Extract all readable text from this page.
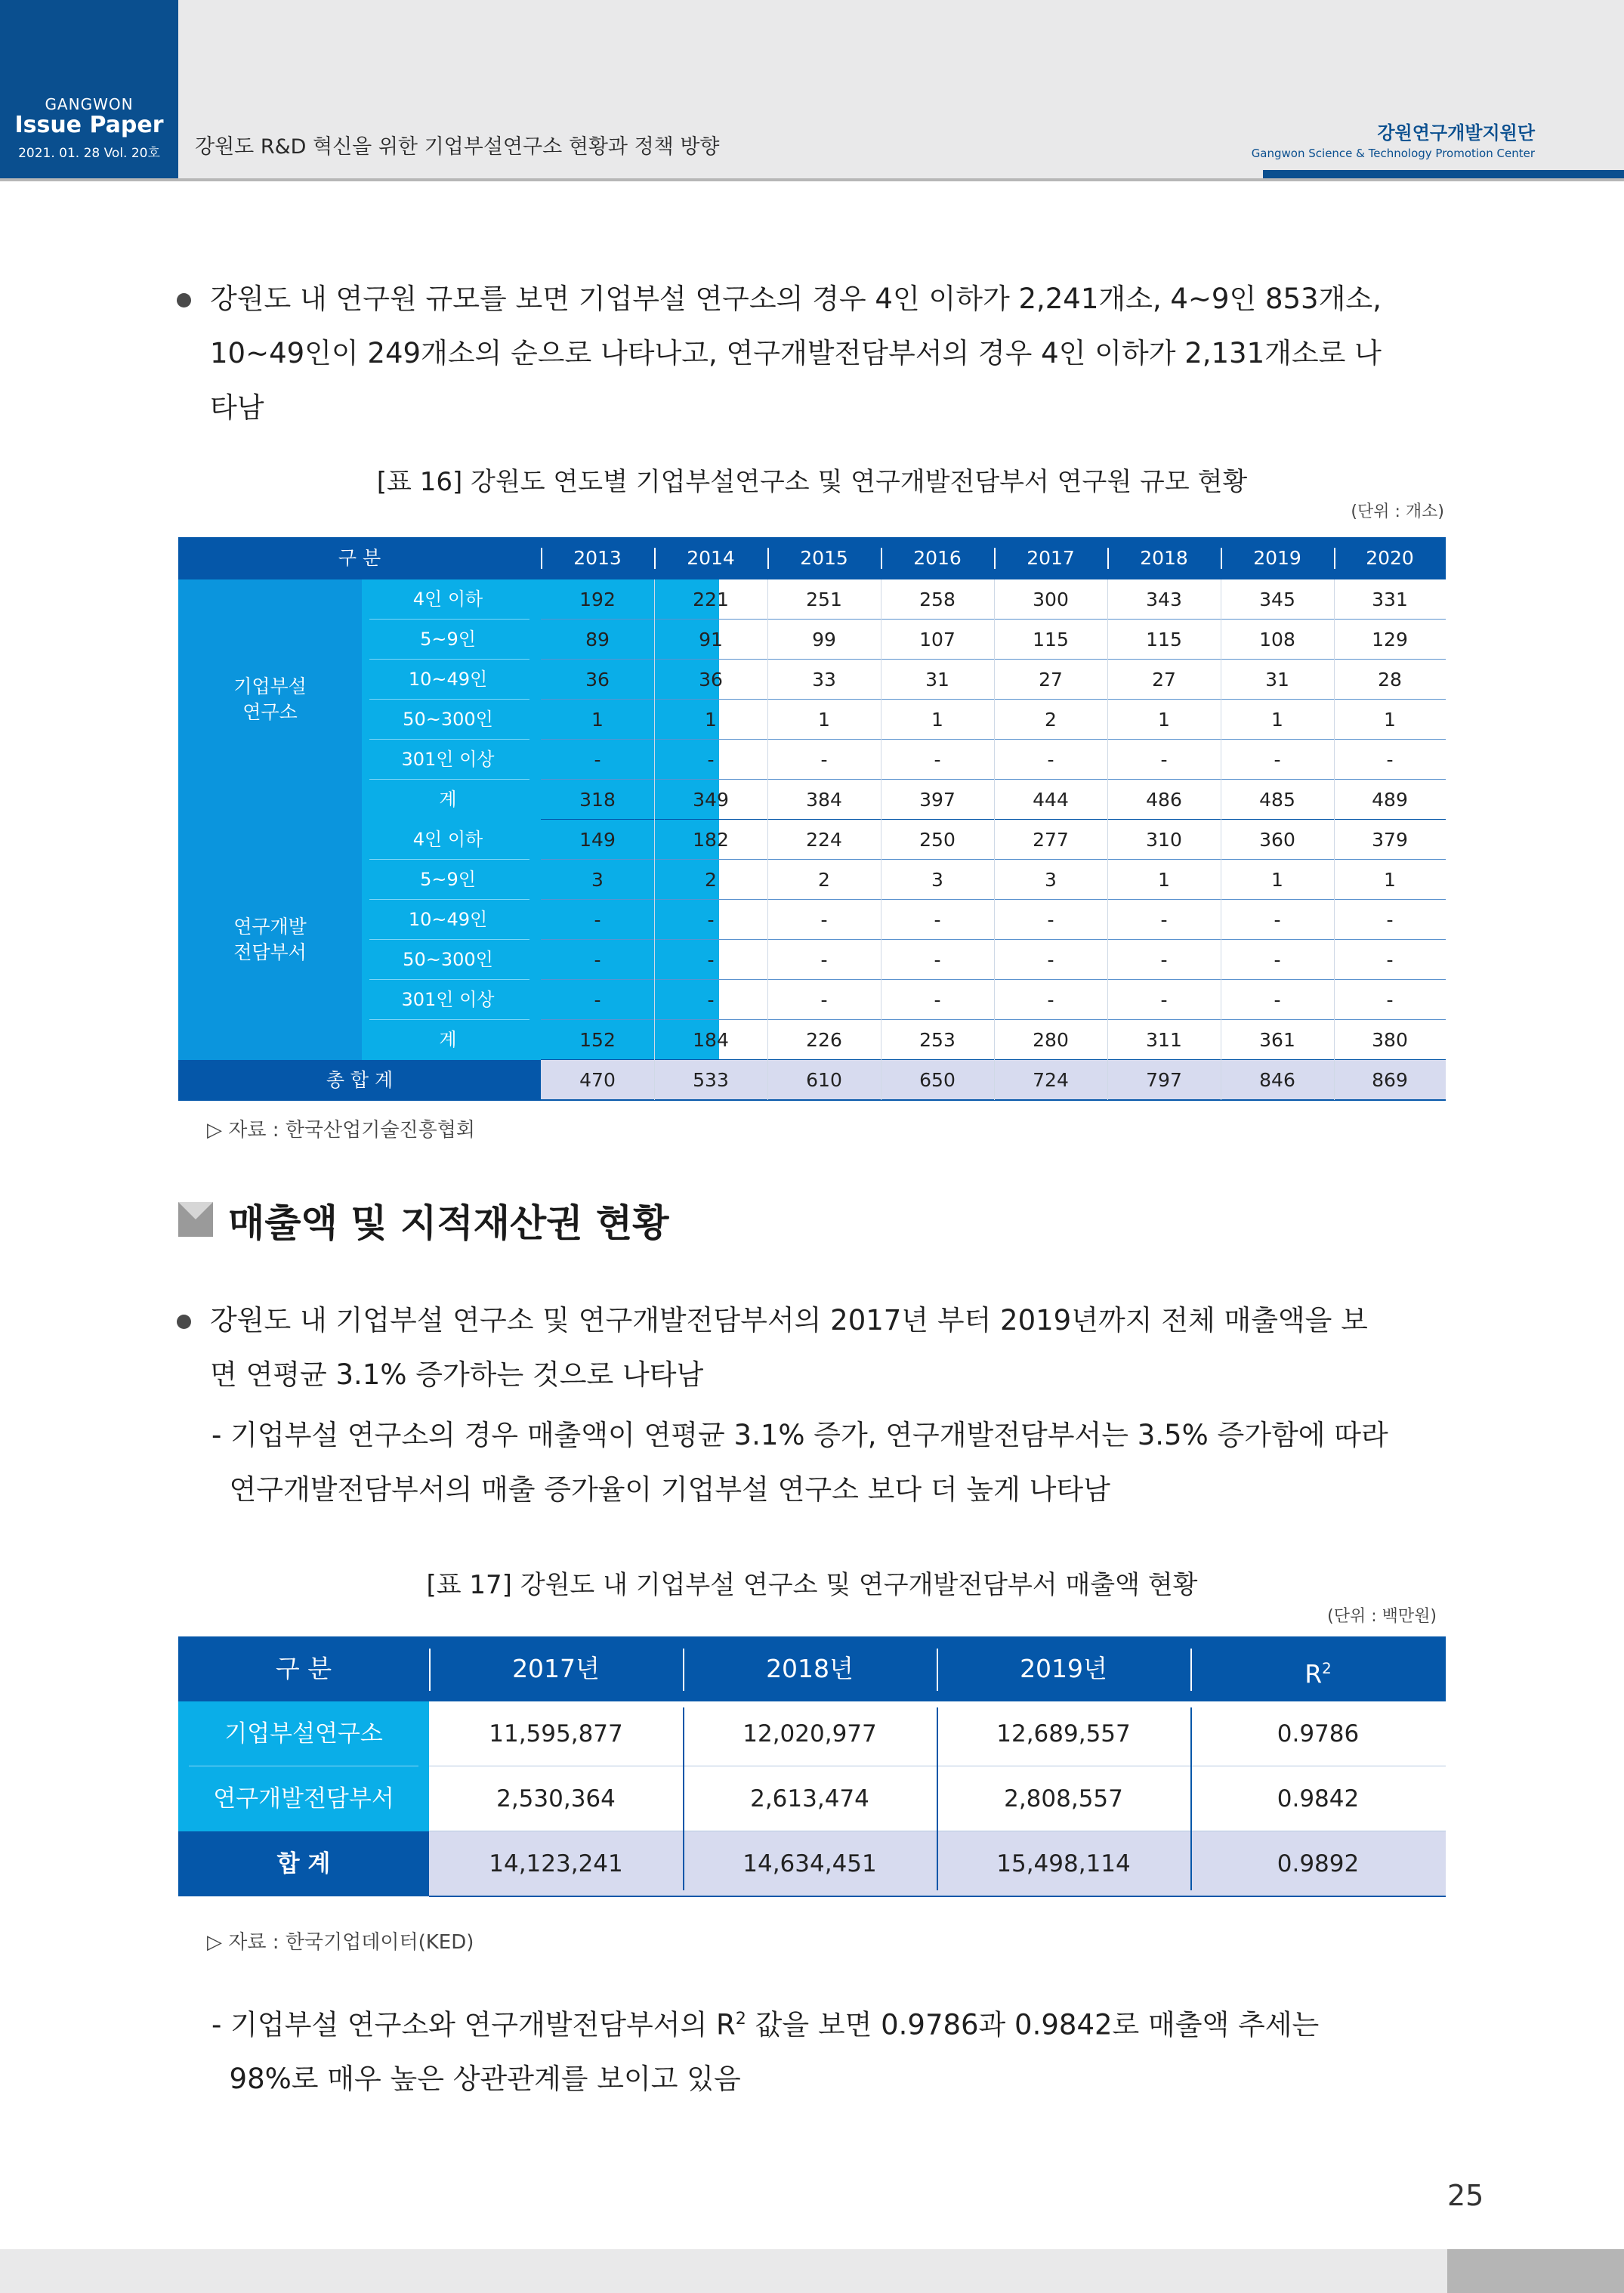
GANGWON
Issue Paper
2021. 01. 28 Vol. 20호	강원도 R&D 혁신을 위한 기업부설연구소 현황과 정책 방향
강원연구개발지원단
Gangwon Science & Technology Promotion Center
강원도 내 연구원 규모를 보면 기업부설 연구소의 경우 4인 이하가 2,241개소, 4~9인 853개소,
10~49인이 249개소의 순으로 나타나고, 연구개발전담부서의 경우 4인 이하가 2,131개소로 나
타남
[표 16] 강원도 연도별 기업부설연구소 및 연구개발전담부서 연구원 규모 현황
(단위 : 개소)
구 분	2013	2014	2015	2016	2017	2018	2019	2020
기업부설
연구소
4인 이하	192	221	251	258	300	343	345	331
5~9인	89	91	99	107	115	115	108	129
10~49인	36	36	33	31	27	27	31	28
50~300인	1	1	1	1	2	1	1	1
301인 이상	-	-	-	-	-	-	-	-
계	318	349	384	397	444	486	485	489
연구개발
전담부서
4인 이하	149	182	224	250	277	310	360	379
5~9인	3	2	2	3	3	1	1	1
10~49인	-	-	-	-	-	-	-	-
50~300인	-	-	-	-	-	-	-	-
301인 이상	-	-	-	-	-	-	-	-
계	152	184	226	253	280	311	361	380
총 합 계	470	533	610	650	724	797	846	869
▷ 자료 : 한국산업기술진흥협회
매출액 및 지적재산권 현황
강원도 내 기업부설 연구소 및 연구개발전담부서의 2017년 부터 2019년까지 전체 매출액을 보
면 연평균 3.1% 증가하는 것으로 나타남
- 기업부설 연구소의 경우 매출액이 연평균 3.1% 증가, 연구개발전담부서는 3.5% 증가함에 따라
연구개발전담부서의 매출 증가율이 기업부설 연구소 보다 더 높게 나타남
[표 17] 강원도 내 기업부설 연구소 및 연구개발전담부서 매출액 현황
(단위 : 백만원)
구 분	2017년	2018년	2019년	$R^2$
기업부설연구소	11,595,877	12,020,977	12,689,557	0.9786
연구개발전담부서	2,530,364	2,613,474	2,808,557	0.9842
합 계	14,123,241	14,634,451	15,498,114	0.9892
▷ 자료 : 한국기업데이터(KED)
- 기업부설 연구소와 연구개발전담부서의 $R^2$ 값을 보면 0.9786과 0.9842로 매출액 추세는
98%로 매우 높은 상관관계를 보이고 있음
25
